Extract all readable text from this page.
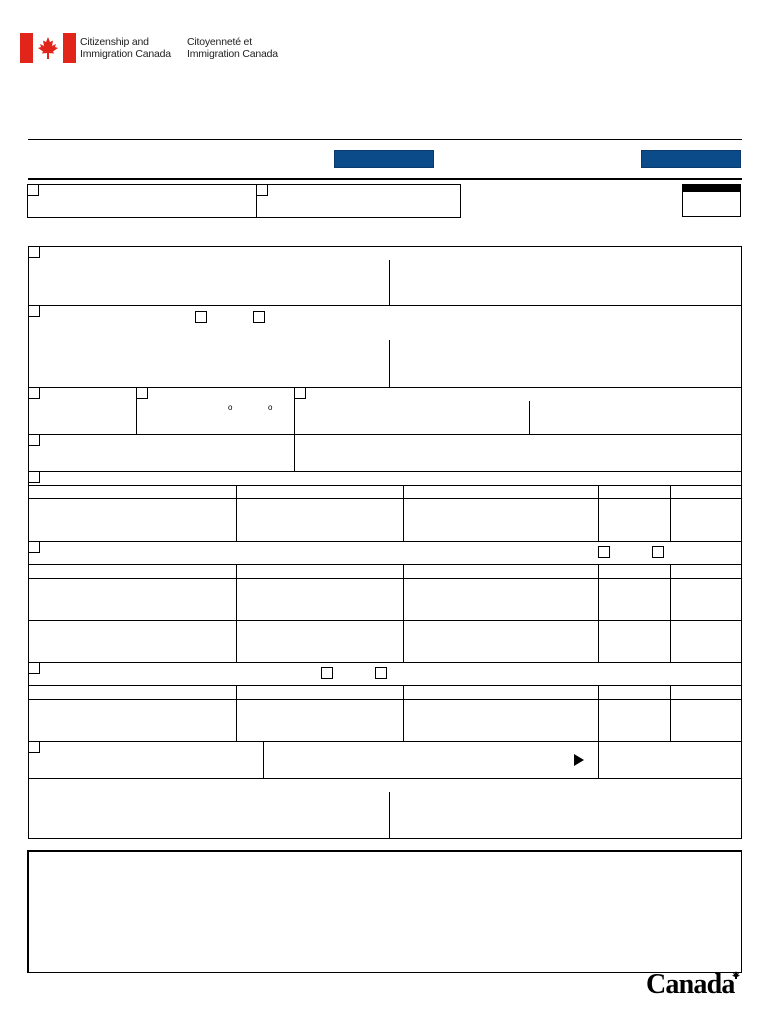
Citizenship and
Immigration Canada
Citoyenneté et
Immigration Canada
o	o
Canada
